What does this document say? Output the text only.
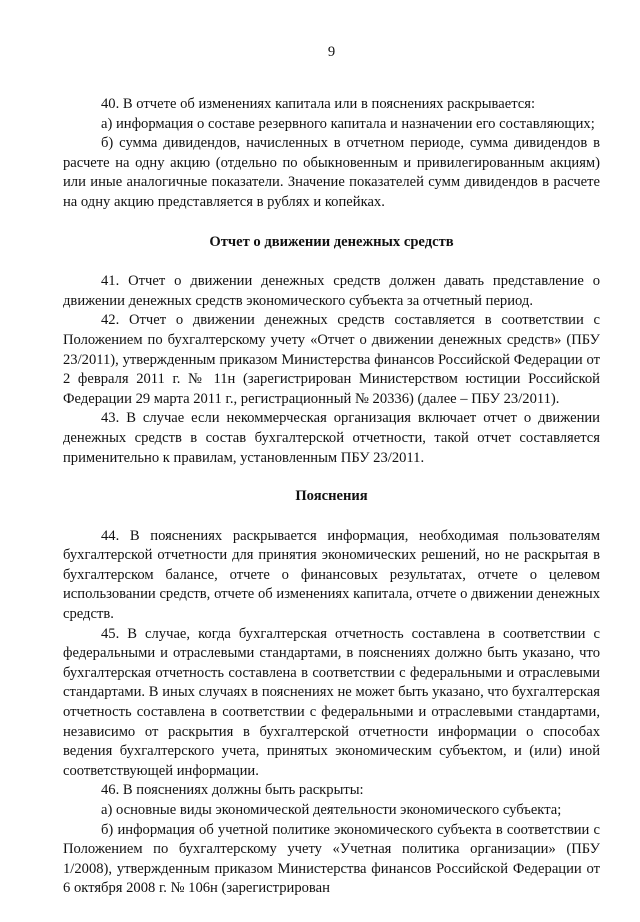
9

40. В отчете об изменениях капитала или в пояснениях раскрывается:

а) информация о составе резервного капитала и назначении его составляющих;

б) сумма дивидендов, начисленных в отчетном периоде, сумма дивидендов в расчете на одну акцию (отдельно по обыкновенным и привилегированным акциям) или иные аналогичные показатели. Значение показателей сумм дивидендов в расчете на одну акцию представляется в рублях и копейках.

Отчет о движении денежных средств

41. Отчет о движении денежных средств должен давать представление о движении денежных средств экономического субъекта за отчетный период.

42. Отчет о движении денежных средств составляется в соответствии с Положением по бухгалтерскому учету «Отчет о движении денежных средств» (ПБУ 23/2011), утвержденным приказом Министерства финансов Российской Федерации от 2 февраля 2011 г. № 11н (зарегистрирован Министерством юстиции Российской Федерации 29 марта 2011 г., регистрационный № 20336) (далее – ПБУ 23/2011).

43. В случае если некоммерческая организация включает отчет о движении денежных средств в состав бухгалтерской отчетности, такой отчет составляется применительно к правилам, установленным ПБУ 23/2011.

Пояснения

44. В пояснениях раскрывается информация, необходимая пользователям бухгалтерской отчетности для принятия экономических решений, но не раскрытая в бухгалтерском балансе, отчете о финансовых результатах, отчете о целевом использовании средств, отчете об изменениях капитала, отчете о движении денежных средств.

45. В случае, когда бухгалтерская отчетность составлена в соответствии с федеральными и отраслевыми стандартами, в пояснениях должно быть указано, что бухгалтерская отчетность составлена в соответствии с федеральными и отраслевыми стандартами. В иных случаях в пояснениях не может быть указано, что бухгалтерская отчетность составлена в соответствии с федеральными и отраслевыми стандартами, независимо от раскрытия в бухгалтерской отчетности информации о способах ведения бухгалтерского учета, принятых экономическим субъектом, и (или) иной соответствующей информации.

46. В пояснениях должны быть раскрыты:

а) основные виды экономической деятельности экономического субъекта;

б) информация об учетной политике экономического субъекта в соответствии с Положением по бухгалтерскому учету «Учетная политика организации» (ПБУ 1/2008), утвержденным приказом Министерства финансов Российской Федерации от 6 октября 2008 г. № 106н (зарегистрирован
